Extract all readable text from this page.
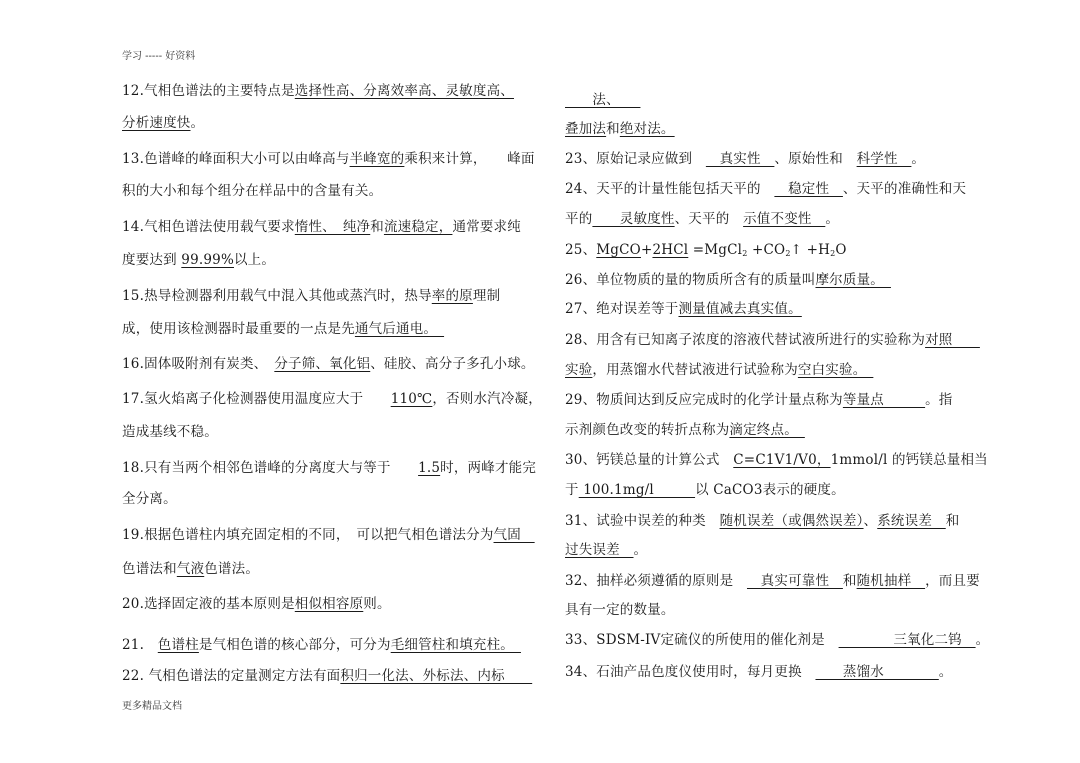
学习 ----- 好资料
12.气相色谱法的主要特点是选择性高、分离效率高、灵敏度高、
分析速度快。
13.色谱峰的峰面积大小可以由峰高与半峰宽的乘积来计算，　　峰面
积的大小和每个组分在样品中的含量有关。
14.气相色谱法使用载气要求惰性、　纯净和流速稳定，通常要求纯
度要达到 99.99%以上。
15.热导检测器利用载气中混入其他或蒸汽时，热导率的原理制
成，使用该检测器时最重要的一点是先通气后通电。　
16.固体吸附剂有炭类、　分子筛、氧化铝、硅胶、高分子多孔小球。
17.氢火焰离子化检测器使用温度应大于　　110℃，否则水汽冷凝，
造成基线不稳。
18.只有当两个相邻色谱峰的分离度大与等于　　1.5时，两峰才能完
全分离。
19.根据色谱柱内填充固定相的不同，　可以把气相色谱法分为气固　
色谱法和气液色谱法。
20.选择固定液的基本原则是相似相容原则。
21.　色谱柱是气相色谱的核心部分，可分为毛细管柱和填充柱。　
22. 气相色谱法的定量测定方法有面积归一化法、外标法、内标　　
　　法、　　
叠加法和绝对法。
23、原始记录应做到　　真实性　、原始性和　科学性　。
24、天平的计量性能包括天平的　　稳定性　、天平的准确性和天
平的　　灵敏度性、天平的　示值不变性　。
25、MgCO+2HCl =MgCl$_2$ $+CO_2↑ +H_2O$
26、单位物质的量的物质所含有的质量叫摩尔质量。　
27、绝对误差等于测量值减去真实值。
28、用含有已知离子浓度的溶液代替试液所进行的实验称为对照　　
实验，用蒸馏水代替试液进行试验称为空白实验。　
29、物质间达到反应完成时的化学计量点称为等量点　　　。指
示剂颜色改变的转折点称为滴定终点。　
30、钙镁总量的计算公式　C=C1V1/V0，1mmol/l 的钙镁总量相当
于 100.1mg/l　　　以 CaCO3表示的硬度。
31、试验中误差的种类　随机误差（或偶然误差）、系统误差　和
过失误差　。
32、抽样必须遵循的原则是　　真实可靠性　和随机抽样　，而且要
具有一定的数量。
33、SDSM-IV定硫仪的所使用的催化剂是　　　　　三氧化二钨　。
34、石油产品色度仪使用时，每月更换　　　蒸馏水　　　　。
更多精品文档
